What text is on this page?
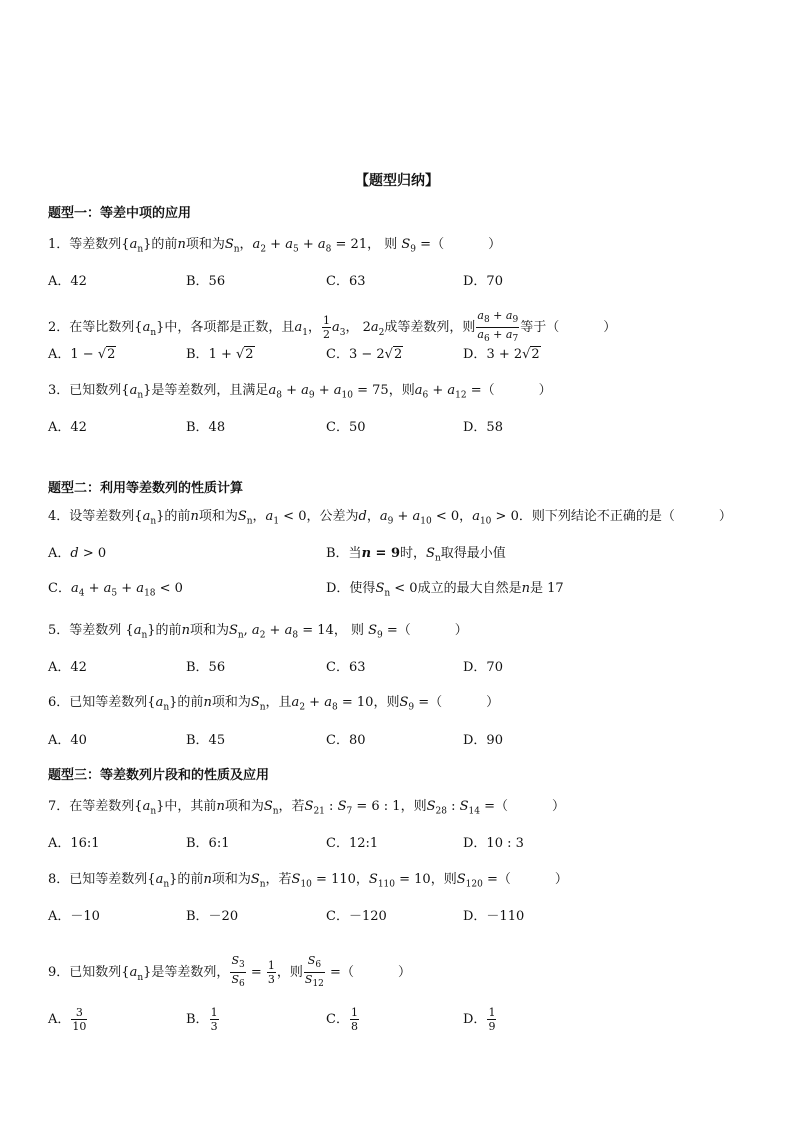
【题型归纳】
题型一：等差中项的应用
1．等差数列$\{a_n\}$的前n项和为$S_n$，$a_2 + a_5 + a_8 = 21$， 则 $S_9$ =（	）
A．42	B．56	C．63	D．70
2．在等比数列$\{a_n\}$中，各项都是正数，且$a_1$， $\frac{1}{2} a_3$， $2a_2$成等差数列，则 $\frac{a_8 + a_9}{a_6 + a_7}$ 等于（	）
A．1 − √2	B．1 + √2	C．3 − 2√2	D．3 + 2√2
3．已知数列$\{a_n\}$是等差数列，且满足$a_8 + a_9 + a_{10} = 75$，则$a_6 + a_{12}$ =（	）
A．42	B．48	C．50	D．58
题型二：利用等差数列的性质计算
4．设等差数列$\{a_n\}$的前n项和为$S_n$，$a_1 < 0$，公差为d，$a_9 + a_{10} < 0$，$a_{10} > 0$．则下列结论不正确的是（	）
A．d > 0	B．当n = 9时，$S_n$取得最小值
C．$a_4 + a_5 + a_{18} < 0$	D．使得$S_n < 0$成立的最大自然是n是 17
5．等差数列 $\{a_n\}$的前n项和为$S_n$, $a_2 + a_8 = 14$， 则 $S_9$ =（	）
A．42	B．56	C．63	D．70
6．已知等差数列$\{a_n\}$的前n项和为$S_n$，且$a_2 + a_8 = 10$，则$S_9$ =（	）
A．40	B．45	C．80	D．90
题型三：等差数列片段和的性质及应用
7．在等差数列$\{a_n\}$中，其前n项和为$S_n$，若$S_{21}$ : $S_7 = 6$ : 1，则$S_{28}$ : $S_{14}$ =（	）
A．16:1	B．6:1	C．12:1	D．10 : 3
8．已知等差数列$\{a_n\}$的前n项和为$S_n$，若$S_{10} = 110$，$S_{110} = 10$，则$S_{120}$ =（	）
A．－10	B．－20	C．－120	D．－110
9．已知数列$\{a_n\}$是等差数列， $\frac{S_3}{S_6} = \frac{1}{3}$ ，则 $\frac{S_6}{S_{12}}$ =（	）
A． $\frac{3}{10}$	B． $\frac{1}{3}$	C． $\frac{1}{8}$	D． $\frac{1}{9}$
